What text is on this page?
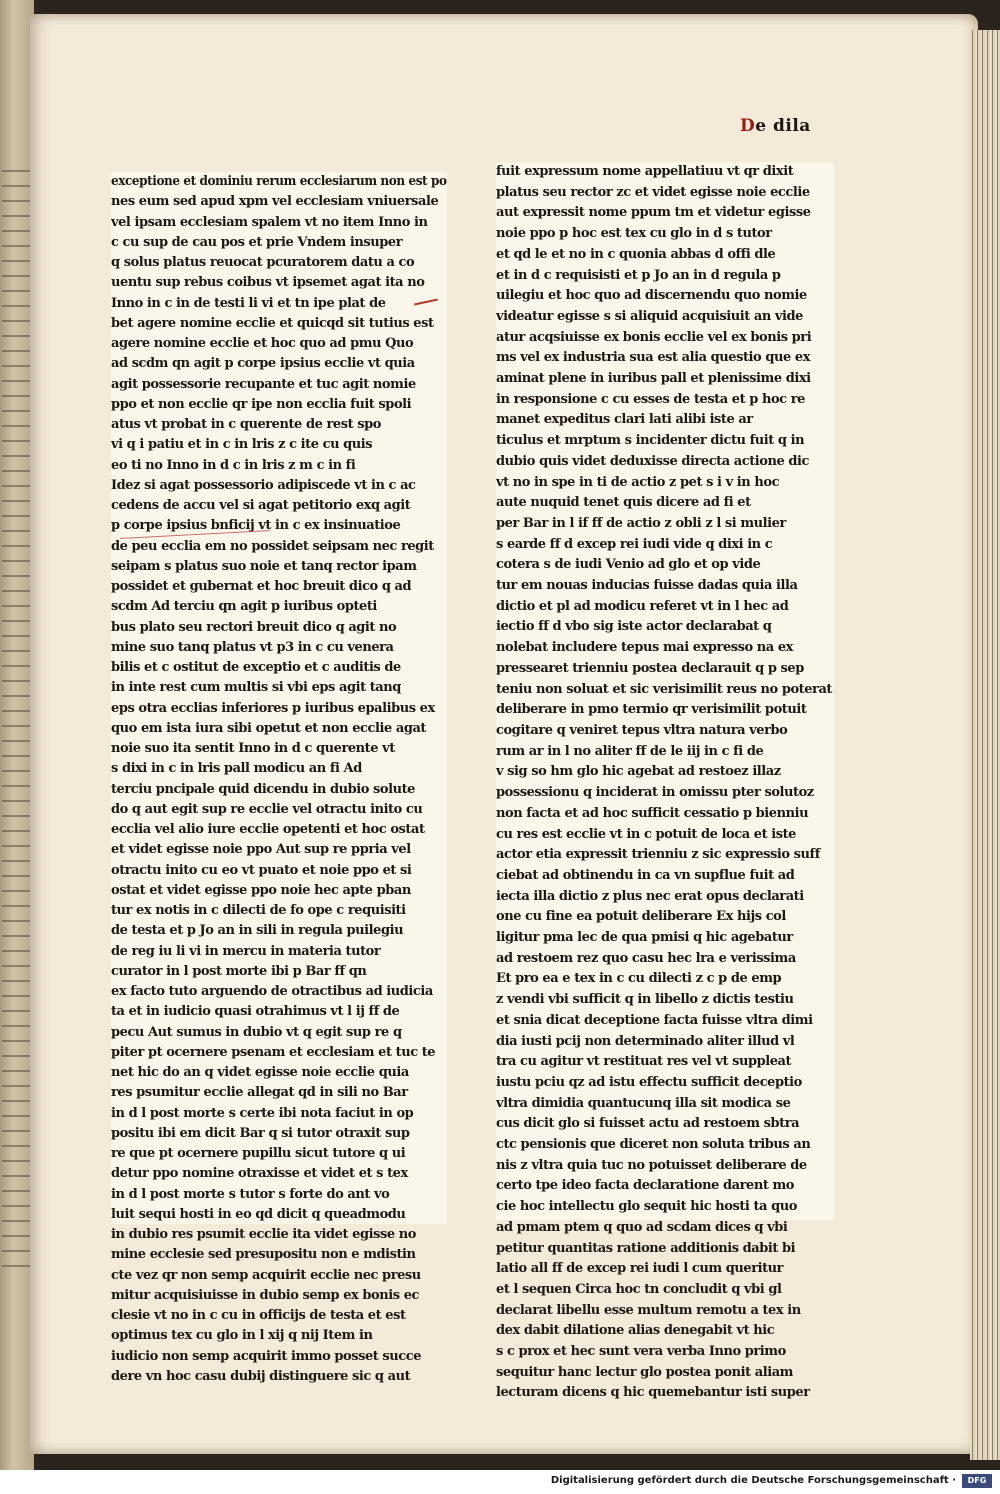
De dila
exceptione et dominiu rerum ecclesiarum non est po
nes eum sed apud xpm vel ecclesiam vniuersale
vel ipsam ecclesiam spalem vt no item Inno in
c cu sup de cau pos et prie Vndem insuper
q solus platus reuocat pcuratorem datu a co
uentu sup rebus coibus vt ipsemet agat ita no
Inno in c in de testi li vi et tn ipe plat de
bet agere nomine ecclie et quicqd sit tutius est
agere nomine ecclie et hoc quo ad pmu Quo
ad scdm qn agit p corpe ipsius ecclie vt quia
agit possessorie recupante et tuc agit nomie
ppo et non ecclie qr ipe non ecclia fuit spoli
atus vt probat in c querente de rest spo
vi q i patiu et in c in lris z c ite cu quis
eo ti no Inno in d c in lris z m c in fi
Idez si agat possessorio adipiscede vt in c ac
cedens de accu vel si agat petitorio exq agit
p corpe ipsius bnficij vt in c ex insinuatioe
de peu ecclia em no possidet seipsam nec regit
seipam s platus suo noie et tanq rector ipam
possidet et gubernat et hoc breuit dico q ad
scdm Ad terciu qn agit p iuribus opteti
bus plato seu rectori breuit dico q agit no
mine suo tanq platus vt p3 in c cu venera
bilis et c ostitut de exceptio et c auditis de
in inte rest cum multis si vbi eps agit tanq
eps otra ecclias inferiores p iuribus epalibus ex
quo em ista iura sibi opetut et non ecclie agat
noie suo ita sentit Inno in d c querente vt
s dixi in c in lris pall modicu an fi Ad
terciu pncipale quid dicendu in dubio solute
do q aut egit sup re ecclie vel otractu inito cu
ecclia vel alio iure ecclie opetenti et hoc ostat
et videt egisse noie ppo Aut sup re ppria vel
otractu inito cu eo vt puato et noie ppo et si
ostat et videt egisse ppo noie hec apte pban
tur ex notis in c dilecti de fo ope c requisiti
de testa et p Jo an in sili in regula puilegiu
de reg iu li vi in mercu in materia tutor
curator in l post morte ibi p Bar ff qn
ex facto tuto arguendo de otractibus ad iudicia
ta et in iudicio quasi otrahimus vt l ij ff de
pecu Aut sumus in dubio vt q egit sup re q
piter pt ocernere psenam et ecclesiam et tuc te
net hic do an q videt egisse noie ecclie quia
res psumitur ecclie allegat qd in sili no Bar
in d l post morte s certe ibi nota faciut in op
positu ibi em dicit Bar q si tutor otraxit sup
re que pt ocernere pupillu sicut tutore q ui
detur ppo nomine otraxisse et videt et s tex
in d l post morte s tutor s forte do ant vo
luit sequi hosti in eo qd dicit q queadmodu
in dubio res psumit ecclie ita videt egisse no
mine ecclesie sed presupositu non e mdistin
cte vez qr non semp acquirit ecclie nec presu
mitur acquisiuisse in dubio semp ex bonis ec
clesie vt no in c cu in officijs de testa et est
optimus tex cu glo in l xij q nij Item in
iudicio non semp acquirit immo posset succe
dere vn hoc casu dubij distinguere sic q aut
fuit expressum nome appellatiuu vt qr dixit
platus seu rector zc et videt egisse noie ecclie
aut expressit nome ppum tm et videtur egisse
noie ppo p hoc est tex cu glo in d s tutor
et qd le et no in c quonia abbas d offi dle
et in d c requisisti et p Jo an in d regula p
uilegiu et hoc quo ad discernendu quo nomie
videatur egisse s si aliquid acquisiuit an vide
atur acqsiuisse ex bonis ecclie vel ex bonis pri
ms vel ex industria sua est alia questio que ex
aminat plene in iuribus pall et plenissime dixi
in responsione c cu esses de testa et p hoc re
manet expeditus clari lati alibi iste ar
ticulus et mrptum s incidenter dictu fuit q in
dubio quis videt deduxisse directa actione dic
vt no in spe in ti de actio z pet s i v in hoc
aute nuquid tenet quis dicere ad fi et
per Bar in l if ff de actio z obli z l si mulier
s earde ff d excep rei iudi vide q dixi in c
cotera s de iudi Venio ad glo et op vide
tur em nouas inducias fuisse dadas quia illa
dictio et pl ad modicu referet vt in l hec ad
iectio ff d vbo sig iste actor declarabat q
nolebat includere tepus mai expresso na ex
pressearet trienniu postea declarauit q p sep
teniu non soluat et sic verisimilit reus no poterat
deliberare in pmo termio qr verisimilit potuit
cogitare q veniret tepus vltra natura verbo
rum ar in l no aliter ff de le iij in c fi de
v sig so hm glo hic agebat ad restoez illaz
possessionu q inciderat in omissu pter solutoz
non facta et ad hoc sufficit cessatio p bienniu
cu res est ecclie vt in c potuit de loca et iste
actor etia expressit trienniu z sic expressio suff
ciebat ad obtinendu in ca vn supflue fuit ad
iecta illa dictio z plus nec erat opus declarati
one cu fine ea potuit deliberare Ex hijs col
ligitur pma lec de qua pmisi q hic agebatur
ad restoem rez quo casu hec lra e verissima
Et pro ea e tex in c cu dilecti z c p de emp
z vendi vbi sufficit q in libello z dictis testiu
et snia dicat deceptione facta fuisse vltra dimi
dia iusti pcij non determinado aliter illud vl
tra cu agitur vt restituat res vel vt suppleat
iustu pciu qz ad istu effectu sufficit deceptio
vltra dimidia quantucunq illa sit modica se
cus dicit glo si fuisset actu ad restoem sbtra
ctc pensionis que diceret non soluta tribus an
nis z vltra quia tuc no potuisset deliberare de
certo tpe ideo facta declaratione darent mo
cie hoc intellectu glo sequit hic hosti ta quo
ad pmam ptem q quo ad scdam dices q vbi
petitur quantitas ratione additionis dabit bi
latio all ff de excep rei iudi l cum queritur
et l sequen Circa hoc tn concludit q vbi gl
declarat libellu esse multum remotu a tex in
dex dabit dilatione alias denegabit vt hic
s c prox et hec sunt vera verba Inno primo
sequitur hanc lectur glo postea ponit aliam
lecturam dicens q hic quemebantur isti super
Digitalisierung gefördert durch die Deutsche Forschungsgemeinschaft ·	DFG
